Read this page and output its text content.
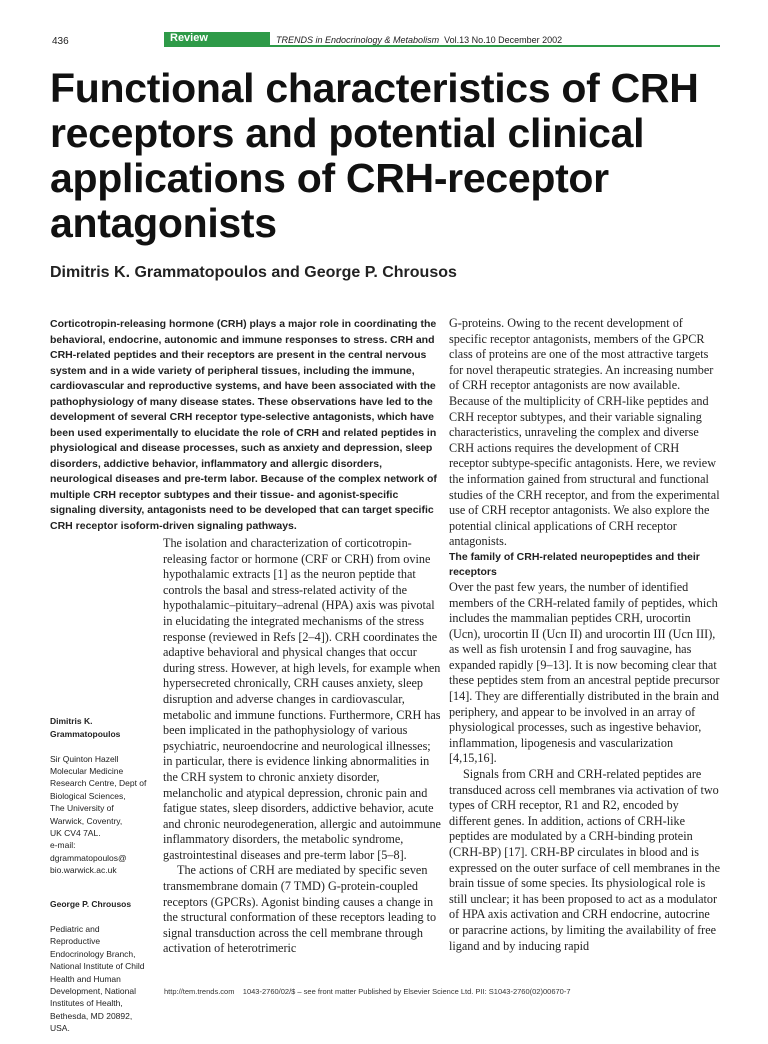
436	Review	TRENDS in Endocrinology & Metabolism Vol.13 No.10 December 2002
Functional characteristics of CRH receptors and potential clinical applications of CRH-receptor antagonists

Dimitris K. Grammatopoulos and George P. Chrousos

Corticotropin-releasing hormone (CRH) plays a major role in coordinating the behavioral, endocrine, autonomic and immune responses to stress. CRH and CRH-related peptides and their receptors are present in the central nervous system and in a wide variety of peripheral tissues, including the immune, cardiovascular and reproductive systems, and have been associated with the pathophysiology of many disease states. These observations have led to the development of several CRH receptor type-selective antagonists, which have been used experimentally to elucidate the role of CRH and related peptides in physiological and disease processes, such as anxiety and depression, sleep disorders, addictive behavior, inflammatory and allergic disorders, neurological diseases and pre-term labor. Because of the complex network of multiple CRH receptor subtypes and their tissue- and agonist-specific signaling diversity, antagonists need to be developed that can target specific CRH receptor isoform-driven signaling pathways.

The isolation and characterization of corticotropin-releasing factor or hormone (CRF or CRH) from ovine hypothalamic extracts [1] as the neuron peptide that controls the basal and stress-related activity of the hypothalamic–pituitary–adrenal (HPA) axis was pivotal in elucidating the integrated mechanisms of the stress response (reviewed in Refs [2–4]). CRH coordinates the adaptive behavioral and physical changes that occur during stress. However, at high levels, for example when hypersecreted chronically, CRH causes anxiety, sleep disruption and adverse changes in cardiovascular, metabolic and immune functions. Furthermore, CRH has been implicated in the pathophysiology of various psychiatric, neuroendocrine and neurological illnesses; in particular, there is evidence linking abnormalities in the CRH system to chronic anxiety disorder, melancholic and atypical depression, chronic pain and fatigue states, sleep disorders, addictive behavior, acute and chronic neurodegeneration, allergic and autoimmune inflammatory disorders, the metabolic syndrome, gastrointestinal diseases and pre-term labor [5–8].

The actions of CRH are mediated by specific seven transmembrane domain (7 TMD) G-protein-coupled receptors (GPCRs). Agonist binding causes a change in the structural conformation of these receptors leading to signal transduction across the cell membrane through activation of heterotrimeric

G-proteins. Owing to the recent development of specific receptor antagonists, members of the GPCR class of proteins are one of the most attractive targets for novel therapeutic strategies. An increasing number of CRH receptor antagonists are now available. Because of the multiplicity of CRH-like peptides and CRH receptor subtypes, and their variable signaling characteristics, unraveling the complex and diverse CRH actions requires the development of CRH receptor subtype-specific antagonists. Here, we review the information gained from structural and functional studies of the CRH receptor, and from the experimental use of CRH receptor antagonists. We also explore the potential clinical applications of CRH receptor antagonists.

The family of CRH-related neuropeptides and their receptors

Over the past few years, the number of identified members of the CRH-related family of peptides, which includes the mammalian peptides CRH, urocortin (Ucn), urocortin II (Ucn II) and urocortin III (Ucn III), as well as fish urotensin I and frog sauvagine, has expanded rapidly [9–13]. It is now becoming clear that these peptides stem from an ancestral peptide precursor [14]. They are differentially distributed in the brain and periphery, and appear to be involved in an array of physiological processes, such as ingestive behavior, inflammation, lipogenesis and vascularization [4,15,16].

Signals from CRH and CRH-related peptides are transduced across cell membranes via activation of two types of CRH receptor, R1 and R2, encoded by different genes. In addition, actions of CRH-like peptides are modulated by a CRH-binding protein (CRH-BP) [17]. CRH-BP circulates in blood and is expressed on the outer surface of cell membranes in the brain tissue of some species. Its physiological role is still unclear; it has been proposed to act as a modulator of HPA axis activation and CRH endocrine, autocrine or paracrine actions, by limiting the availability of free ligand and by inducing rapid

Dimitris K. Grammatopoulos

Sir Quinton Hazell
Molecular Medicine
Research Centre, Dept of
Biological Sciences,
The University of
Warwick, Coventry,
UK CV4 7AL.
e-mail:
dgrammatopoulos@
bio.warwick.ac.uk

George P. Chrousos

Pediatric and
Reproductive
Endocrinology Branch,
National Institute of Child
Health and Human
Development, National
Institutes of Health,
Bethesda, MD 20892,
USA.

http://tem.trends.com 1043-2760/02/$ – see front matter Published by Elsevier Science Ltd. PII: S1043-2760(02)00670-7
